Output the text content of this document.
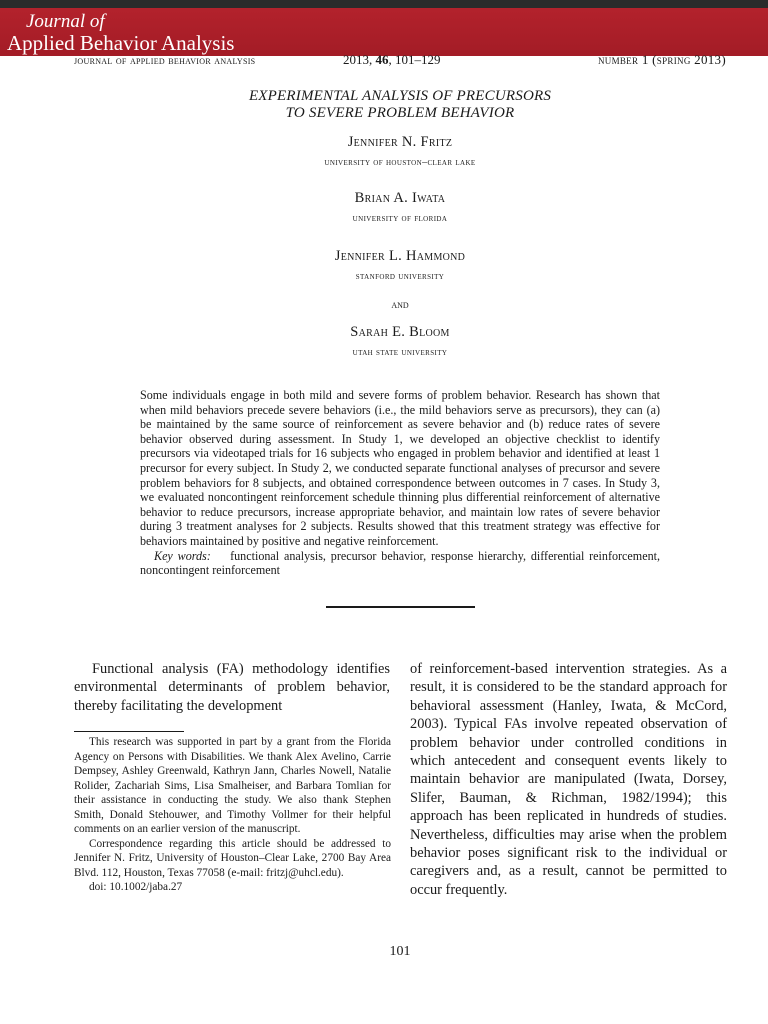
Journal of
Applied Behavior Analysis
journal of applied behavior analysis	2013, 46, 101–129	number 1 (spring 2013)
EXPERIMENTAL ANALYSIS OF PRECURSORS
TO SEVERE PROBLEM BEHAVIOR
Jennifer N. Fritz
university of houston–clear lake
Brian A. Iwata
university of florida
Jennifer L. Hammond
stanford university
and
Sarah E. Bloom
utah state university

Some individuals engage in both mild and severe forms of problem behavior. Research has shown that when mild behaviors precede severe behaviors (i.e., the mild behaviors serve as precursors), they can (a) be maintained by the same source of reinforcement as severe behavior and (b) reduce rates of severe behavior observed during assessment. In Study 1, we developed an objective checklist to identify precursors via videotaped trials for 16 subjects who engaged in problem behavior and identified at least 1 precursor for every subject. In Study 2, we conducted separate functional analyses of precursor and severe problem behaviors for 8 subjects, and obtained correspondence between outcomes in 7 cases. In Study 3, we evaluated noncontingent reinforcement schedule thinning plus differential reinforcement of alternative behavior to reduce precursors, increase appropriate behavior, and maintain low rates of severe behavior during 3 treatment analyses for 2 subjects. Results showed that this treatment strategy was effective for behaviors maintained by positive and negative reinforcement.

Key words: functional analysis, precursor behavior, response hierarchy, differential reinforcement, noncontingent reinforcement

Functional analysis (FA) methodology identifies environmental determinants of problem behavior, thereby facilitating the development

This research was supported in part by a grant from the Florida Agency on Persons with Disabilities. We thank Alex Avelino, Carrie Dempsey, Ashley Greenwald, Kathryn Jann, Charles Nowell, Natalie Rolider, Zachariah Sims, Lisa Smalheiser, and Barbara Tomlian for their assistance in conducting the study. We also thank Stephen Smith, Donald Stehouwer, and Timothy Vollmer for their helpful comments on an earlier version of the manuscript.

Correspondence regarding this article should be addressed to Jennifer N. Fritz, University of Houston–Clear Lake, 2700 Bay Area Blvd. 112, Houston, Texas 77058 (e-mail: fritzj@uhcl.edu).

doi: 10.1002/jaba.27

of reinforcement-based intervention strategies. As a result, it is considered to be the standard approach for behavioral assessment (Hanley, Iwata, & McCord, 2003). Typical FAs involve repeated observation of problem behavior under controlled conditions in which antecedent and consequent events likely to maintain behavior are manipulated (Iwata, Dorsey, Slifer, Bauman, & Richman, 1982/1994); this approach has been replicated in hundreds of studies. Nevertheless, difficulties may arise when the problem behavior poses significant risk to the individual or caregivers and, as a result, cannot be permitted to occur frequently.

101
